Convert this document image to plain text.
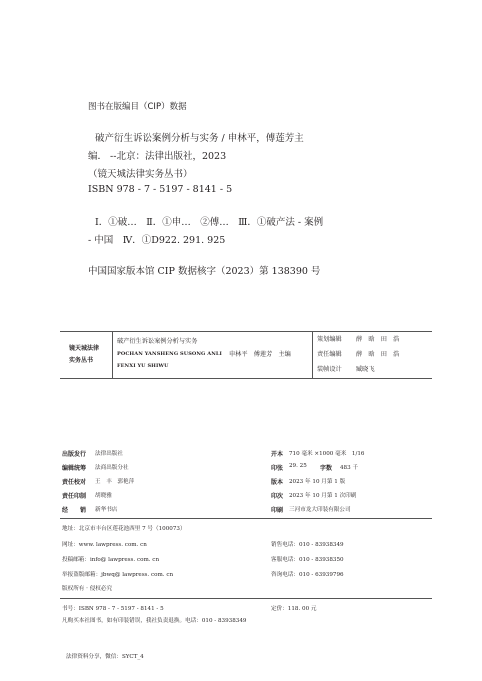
图书在版编目（CIP）数据
破产衍生诉讼案例分析与实务 / 申林平，傅莲芳主
编． --北京：法律出版社，2023
（镜天城法律实务丛书）
ISBN 978 - 7 - 5197 - 8141 - 5
Ⅰ．①破…　Ⅱ．①申…　②傅…　Ⅲ．①破产法 - 案例
- 中国　Ⅳ．①D922. 291. 925
中国国家版本馆 CIP 数据核字（2023）第 138390 号
镜天城法律
实务丛书
破产衍生诉讼案例分析与实务
POCHAN YANSHENG SUSONG ANLI
FENXI YU SHIWU
申林平　傅莲芳　主编
策划编辑 薛　晗　田　浩
责任编辑 薛　晗　田　浩
装帧设计 臧晓飞
出版发行 法律出版社
编辑统筹 法商出版分社
责任校对 王　丰　郭艳萍
责任印制 胡晓雅
经　　销 新华书店
开本 710 毫米 ×1000 毫米　1/16
印张 29. 25 字数 483 千
版本 2023 年 10 月第 1 版
印次 2023 年 10 月第 1 次印刷
印刷 三河市龙大印装有限公司
地址：北京市丰台区莲花池西里 7 号（100073）
网址：www. lawpress. com. cn
投稿邮箱：info@ lawpress. com. cn
举报盗版邮箱：jbwq@ lawpress. com. cn
版权所有 · 侵权必究
销售电话：010 - 83938349
客服电话：010 - 83938350
咨询电话：010 - 63939796
书号：ISBN 978 - 7 - 5197 - 8141 - 5	定价：118. 00 元
凡购买本社图书，如有印装错误，我社负责退换。电话：010 - 83938349
法律资料分享，微信：SYCT_4
